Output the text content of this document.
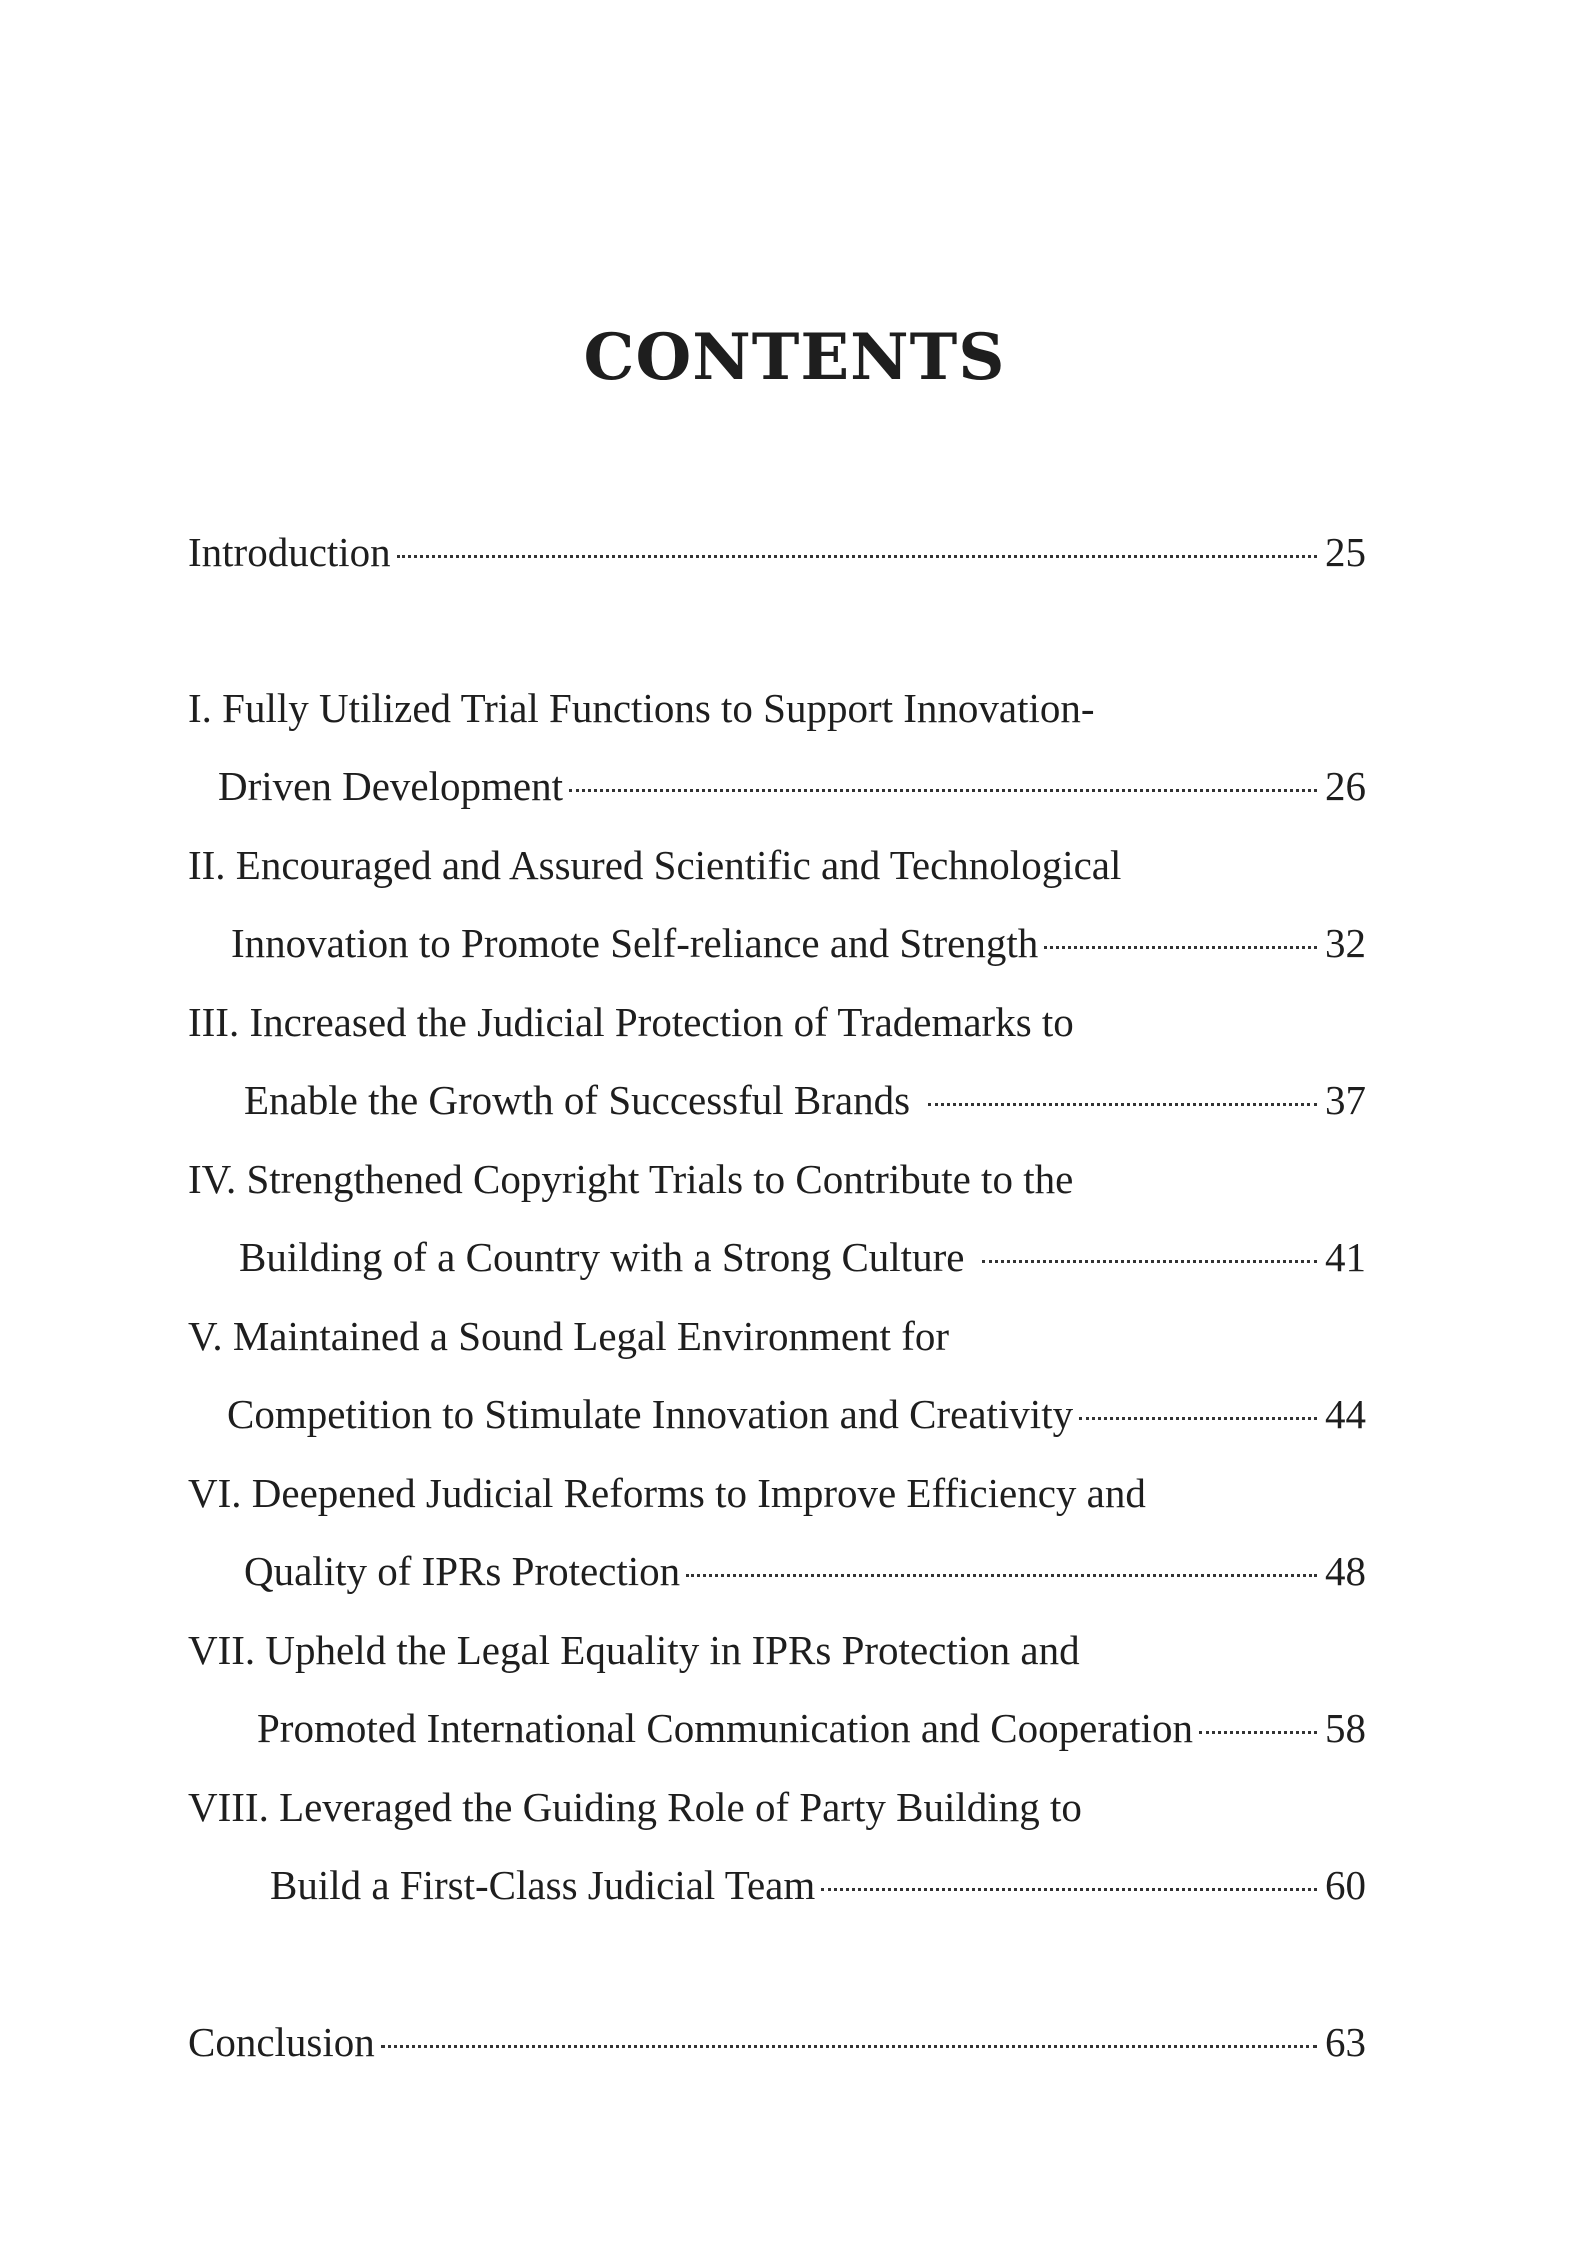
CONTENTS
Introduction	25
I. Fully Utilized Trial Functions to Support Innovation-
Driven Development	26
II. Encouraged and Assured Scientific and Technological
Innovation to Promote Self-reliance and Strength	32
III. Increased the Judicial Protection of Trademarks to
Enable the Growth of Successful Brands	37
IV. Strengthened Copyright Trials to Contribute to the
Building of a Country with a Strong Culture	41
V. Maintained a Sound Legal Environment for
Competition to Stimulate Innovation and Creativity	44
VI. Deepened Judicial Reforms to Improve Efficiency and
Quality of IPRs Protection	48
VII. Upheld the Legal Equality in IPRs Protection and
Promoted International Communication and Cooperation	58
VIII. Leveraged the Guiding Role of Party Building to
Build a First-Class Judicial Team	60
Conclusion	63
